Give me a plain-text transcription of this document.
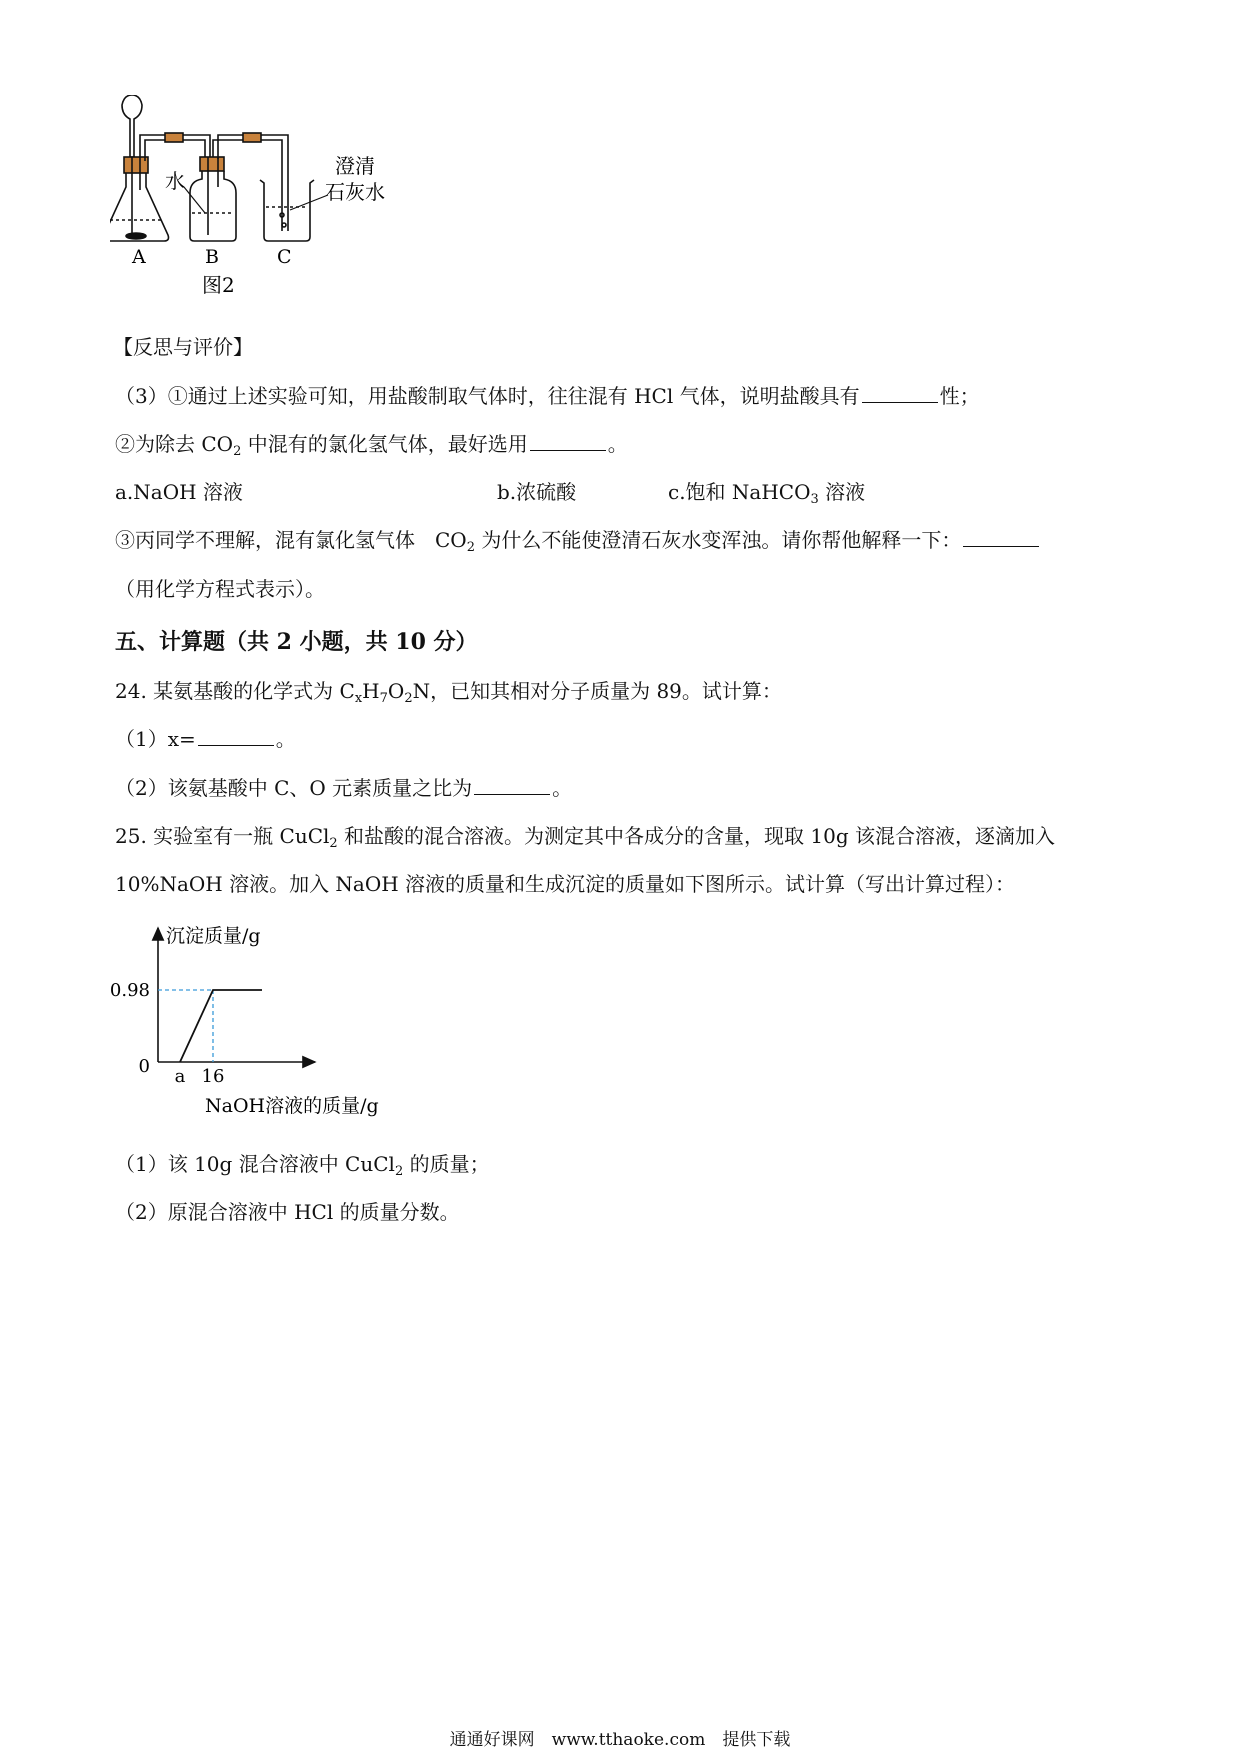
水
澄清
石灰水
A	B	C
图2
【反思与评价】
（3）①通过上述实验可知，用盐酸制取气体时，往往混有 HCl 气体，说明盐酸具有	性；
②为除去 $CO_2$ 中混有的氯化氢气体，最好选用	。
a.NaOH 溶液	b.浓硫酸	c.饱和 NaHCO$_3$ 溶液
③丙同学不理解，混有氯化氢气体　$CO_2$ 为什么不能使澄清石灰水变浑浊。请你帮他解释一下：
（用化学方程式表示）。
五、计算题（共 2 小题，共 10 分）
24. 某氨基酸的化学式为 $C_xH_7O_2N$，已知其相对分子质量为 89。试计算：
（1）x=	。
（2）该氨基酸中 C、O 元素质量之比为	。
25. 实验室有一瓶 CuCl$_2$ 和盐酸的混合溶液。为测定其中各成分的含量，现取 10g 该混合溶液，逐滴加入
10%NaOH 溶液。加入 NaOH 溶液的质量和生成沉淀的质量如下图所示。试计算（写出计算过程）：
沉淀质量/g
NaOH溶液的质量/g
0
0.98
a 16
（1）该 10g 混合溶液中 CuCl$_2$ 的质量；
（2）原混合溶液中 HCl 的质量分数。
通通好课网　www.tthaoke.com　提供下载
